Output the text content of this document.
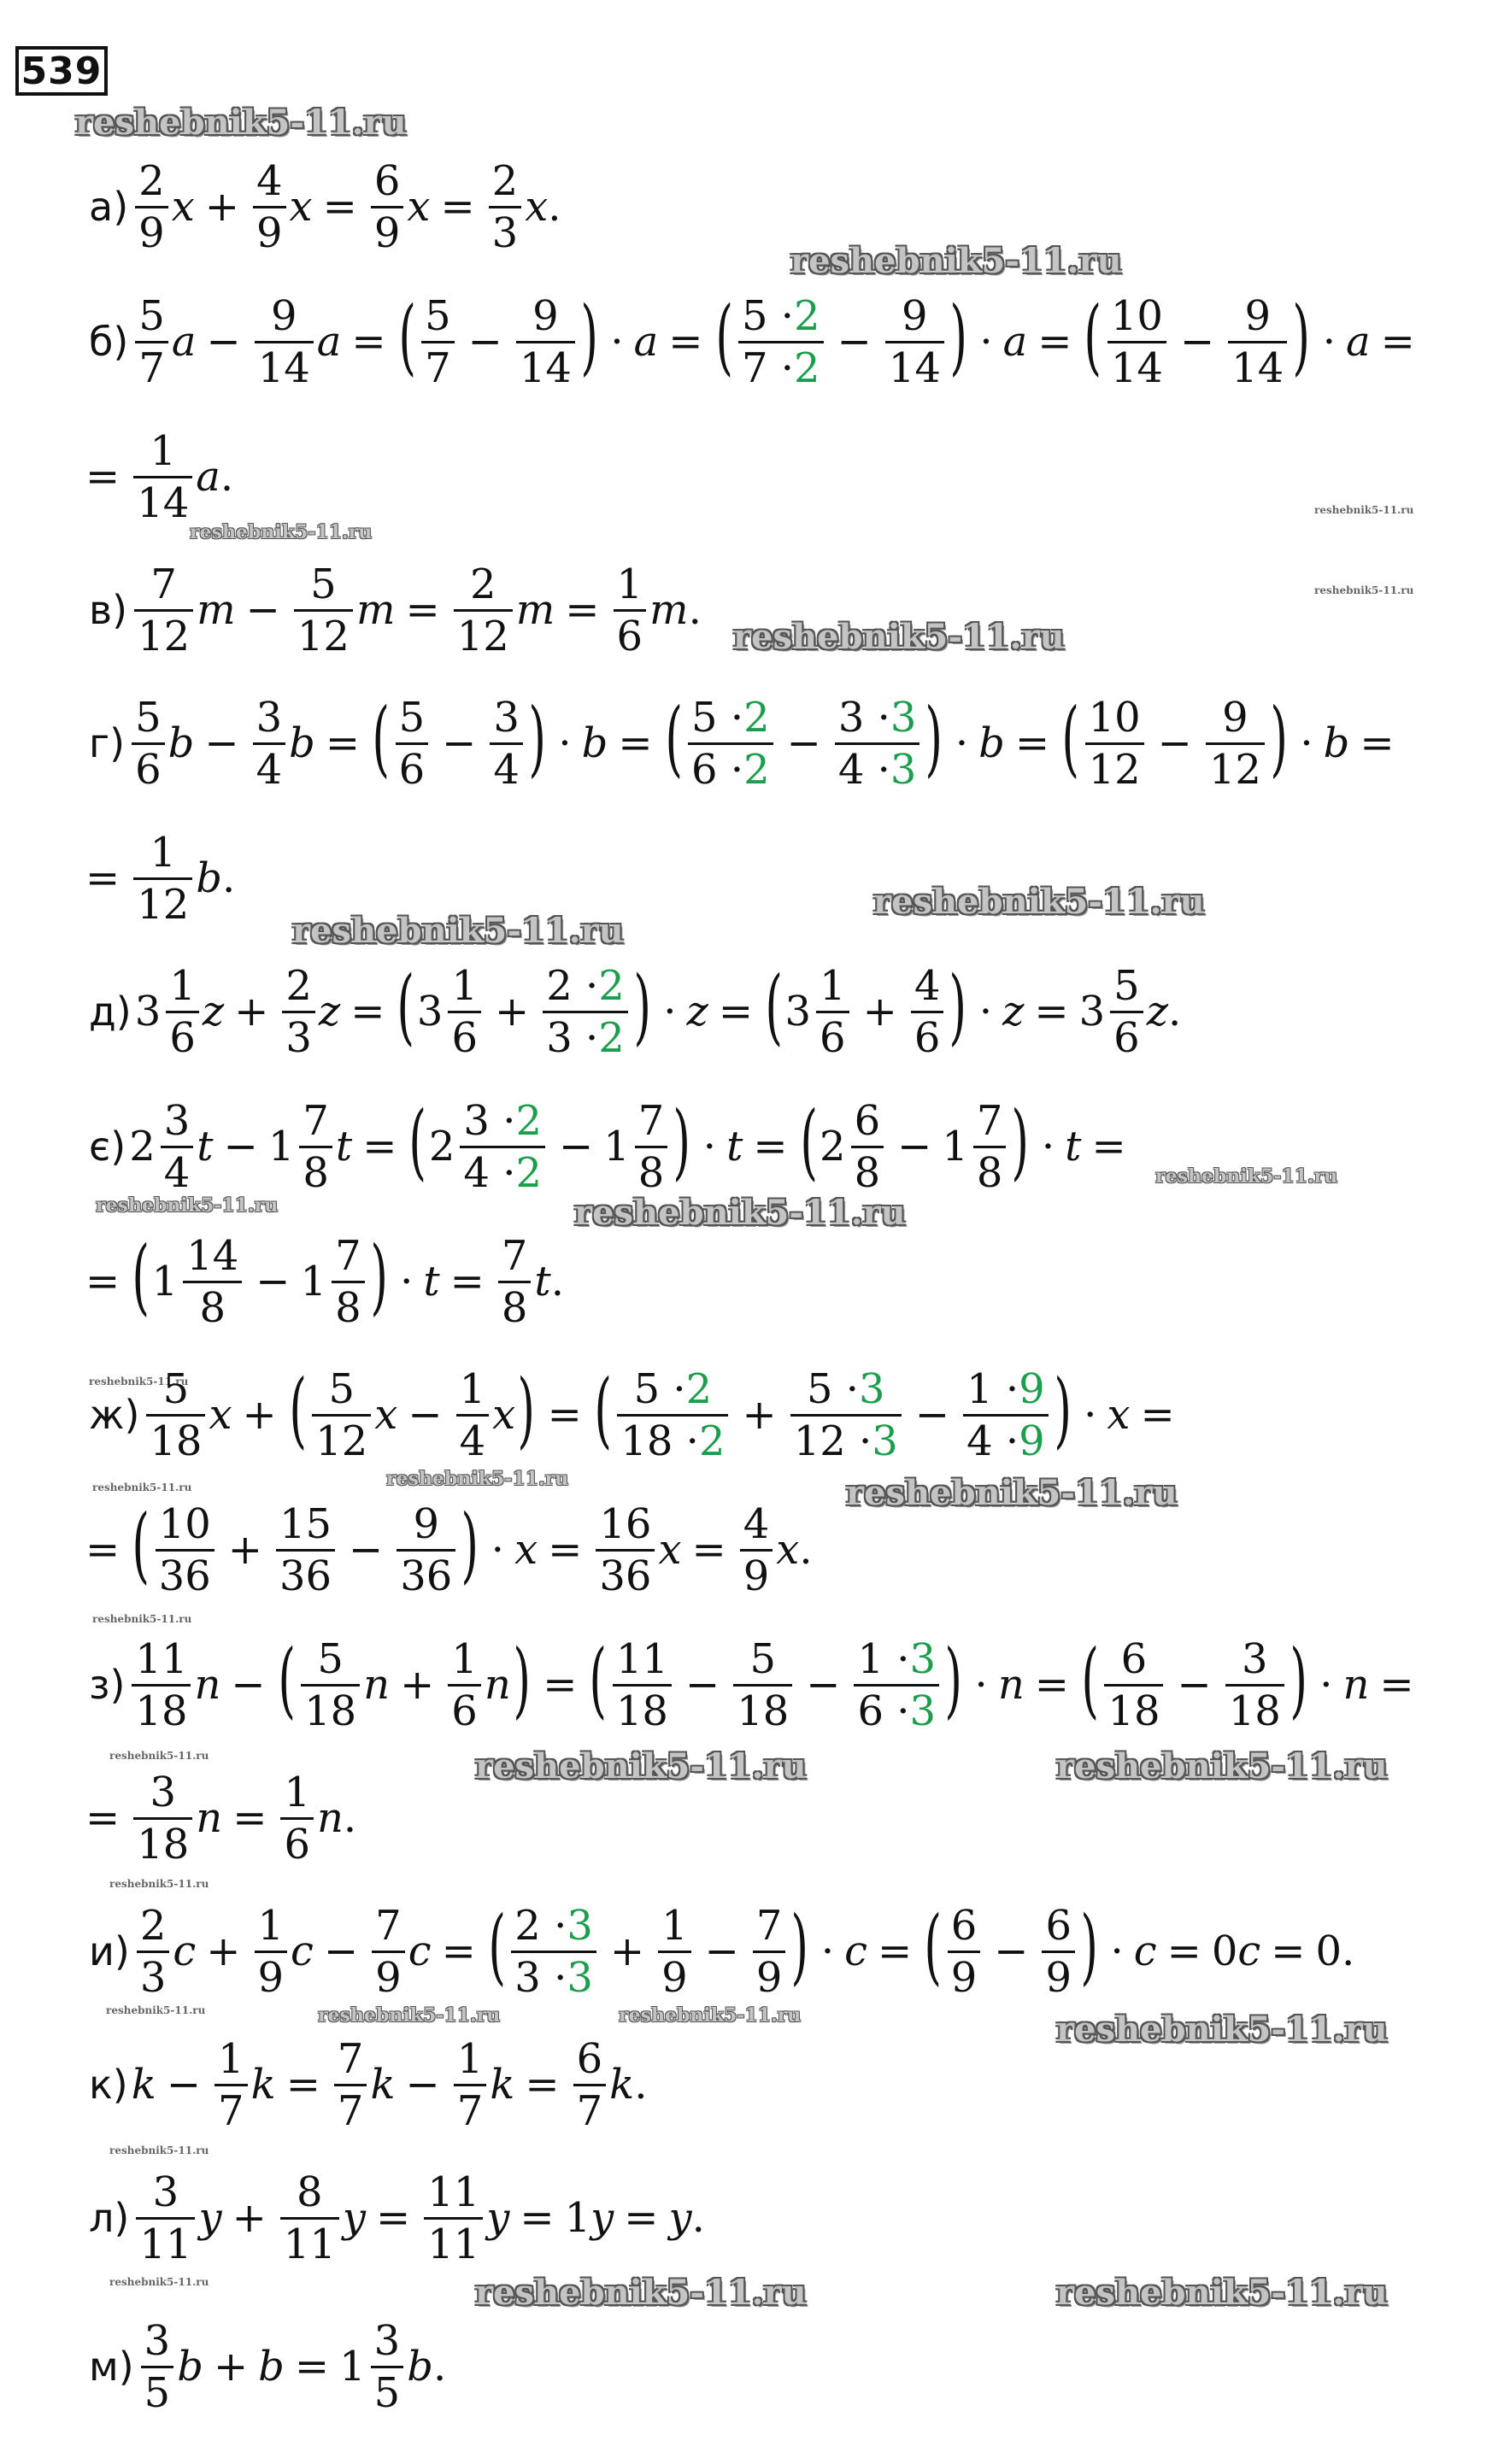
539
reshebnik5-11.ru
reshebnik5-11.ru
reshebnik5-11.ru
reshebnik5-11.ru
reshebnik5-11.ru
reshebnik5-11.ru
reshebnik5-11.ru
reshebnik5-11.ru
reshebnik5-11.ru
reshebnik5-11.ru	reshebnik5-11.ru
reshebnik5-11.ru
reshebnik5-11.ru
reshebnik5-11.ru	reshebnik5-11.ru
reshebnik5-11.ru
reshebnik5-11.ru	reshebnik5-11.ru	reshebnik5-11.ru
reshebnik5-11.ru
reshebnik5-11.ru	reshebnik5-11.ru	reshebnik5-11.ru	reshebnik5-11.ru
reshebnik5-11.ru
reshebnik5-11.ru	reshebnik5-11.ru	reshebnik5-11.ru
$а) \frac{2}{9}$ $x + \frac{4}{9}$ $x = \frac{6}{9}$ $x = \frac{2}{3}$ x .
$б) \frac{5}{7}$ $a - \frac{9}{14}$ a = ( $\frac{5}{7} - \frac{9}{14}$ ) · a = ( $\frac{5 \cdot 2}{7 \cdot 2} - \frac{9}{14}$ ) · a = ( $\frac{10}{14} - \frac{9}{14}$ ) · a =
= $\frac{1}{14}$ a .
$в) \frac{7}{12}$ $m - \frac{5}{12}$ $m = \frac{2}{12}$ $m = \frac{1}{6}$ m .
$г) \frac{5}{6}$ $b - \frac{3}{4}$ b = ( $\frac{5}{6} - \frac{3}{4}$ ) · b = ( $\frac{5 \cdot 2}{6 \cdot 2} - \frac{3 \cdot 3}{4 \cdot 3}$ ) · b = ( $\frac{10}{12} - \frac{9}{12}$ ) · b =
= $\frac{1}{12}$ b .
д) $3 \frac{1}{6}$ $z + \frac{2}{3}$ z = ( $3 \frac{1}{6} + \frac{2 \cdot 2}{3 \cdot 2}$ ) · z = ( $3 \frac{1}{6} + \frac{4}{6}$ ) · $z = 3 \frac{5}{6}$ z .
є) $2 \frac{3}{4}$ $t - 1 \frac{7}{8}$ t = ( $2 \frac{3 \cdot 2}{4 \cdot 2} - 1 \frac{7}{8}$ ) · t = ( $2 \frac{6}{8} - 1 \frac{7}{8}$ ) · t =
= ( $1 \frac{14}{8} - 1 \frac{7}{8}$ ) · $t = \frac{7}{8}$ t .
$ж) \frac{5}{18}$ x + ( $\frac{5}{12}$ $x - \frac{1}{4}$ x ) = ( $\frac{5 \cdot 2}{18 \cdot 2} + \frac{5 \cdot 3}{12 \cdot 3} - \frac{1 \cdot 9}{4 \cdot 9}$ ) · x =
= ( $\frac{10}{36} + \frac{15}{36} - \frac{9}{36}$ ) · $x = \frac{16}{36}$ $x = \frac{4}{9}$ x .
$з) \frac{11}{18}$ n − ( $\frac{5}{18}$ $n + \frac{1}{6}$ n ) = ( $\frac{11}{18} - \frac{5}{18} - \frac{1 \cdot 3}{6 \cdot 3}$ ) · n = ( $\frac{6}{18} - \frac{3}{18}$ ) · n =
= $\frac{3}{18}$ $n = \frac{1}{6}$ n .
$и) \frac{2}{3}$ $c + \frac{1}{9}$ $c - \frac{7}{9}$ c = ( $\frac{2 \cdot 3}{3 \cdot 3} + \frac{1}{9} - \frac{7}{9}$ ) · c = ( $\frac{6}{9} - \frac{6}{9}$ ) · c = 0 c = 0.
к) $k - \frac{1}{7}$ $k = \frac{7}{7}$ $k - \frac{1}{7}$ $k = \frac{6}{7}$ k .
$л) \frac{3}{11}$ $y + \frac{8}{11}$ $y = \frac{11}{11}$ y = 1 y = y .
$м) \frac{3}{5}$ $b + b = 1 \frac{3}{5}$ b .
